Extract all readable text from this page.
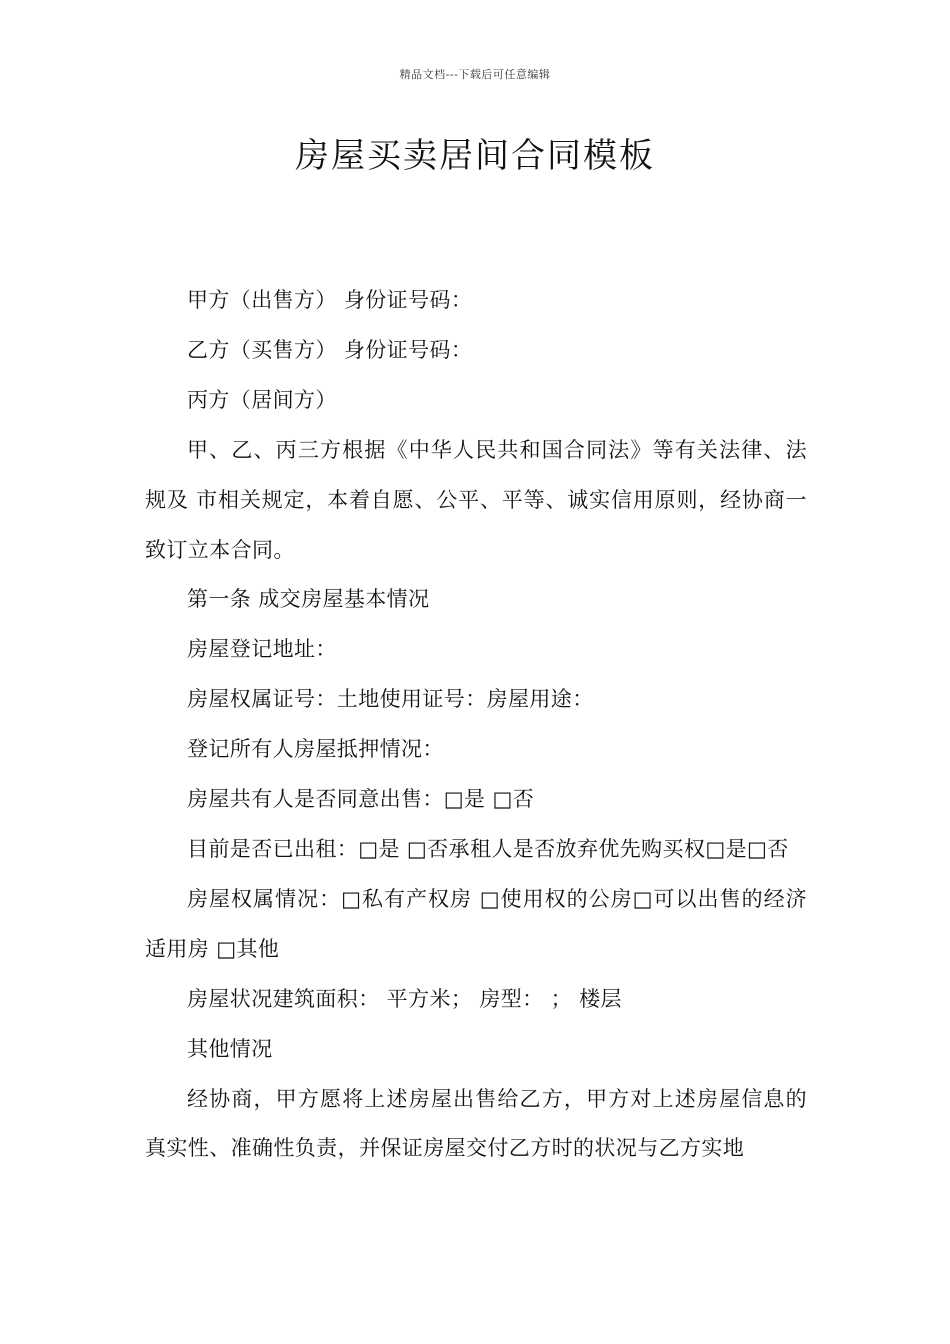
精品文档---下载后可任意编辑
房屋买卖居间合同模板

甲方（出售方） 身份证号码：

乙方（买售方） 身份证号码：

丙方（居间方）

甲、乙、丙三方根据《中华人民共和国合同法》等有关法律、法规及 市相关规定，本着自愿、公平、平等、诚实信用原则，经协商一致订立本合同。

第一条 成交房屋基本情况

房屋登记地址：

房屋权属证号：土地使用证号：房屋用途：

登记所有人房屋抵押情况：

房屋共有人是否同意出售：□是 □否

目前是否已出租：□是 □否承租人是否放弃优先购买权□是□否

房屋权属情况：□私有产权房 □使用权的公房□可以出售的经济适用房 □其他

房屋状况建筑面积： 平方米； 房型： ； 楼层

其他情况

经协商，甲方愿将上述房屋出售给乙方，甲方对上述房屋信息的真实性、准确性负责，并保证房屋交付乙方时的状况与乙方实地
